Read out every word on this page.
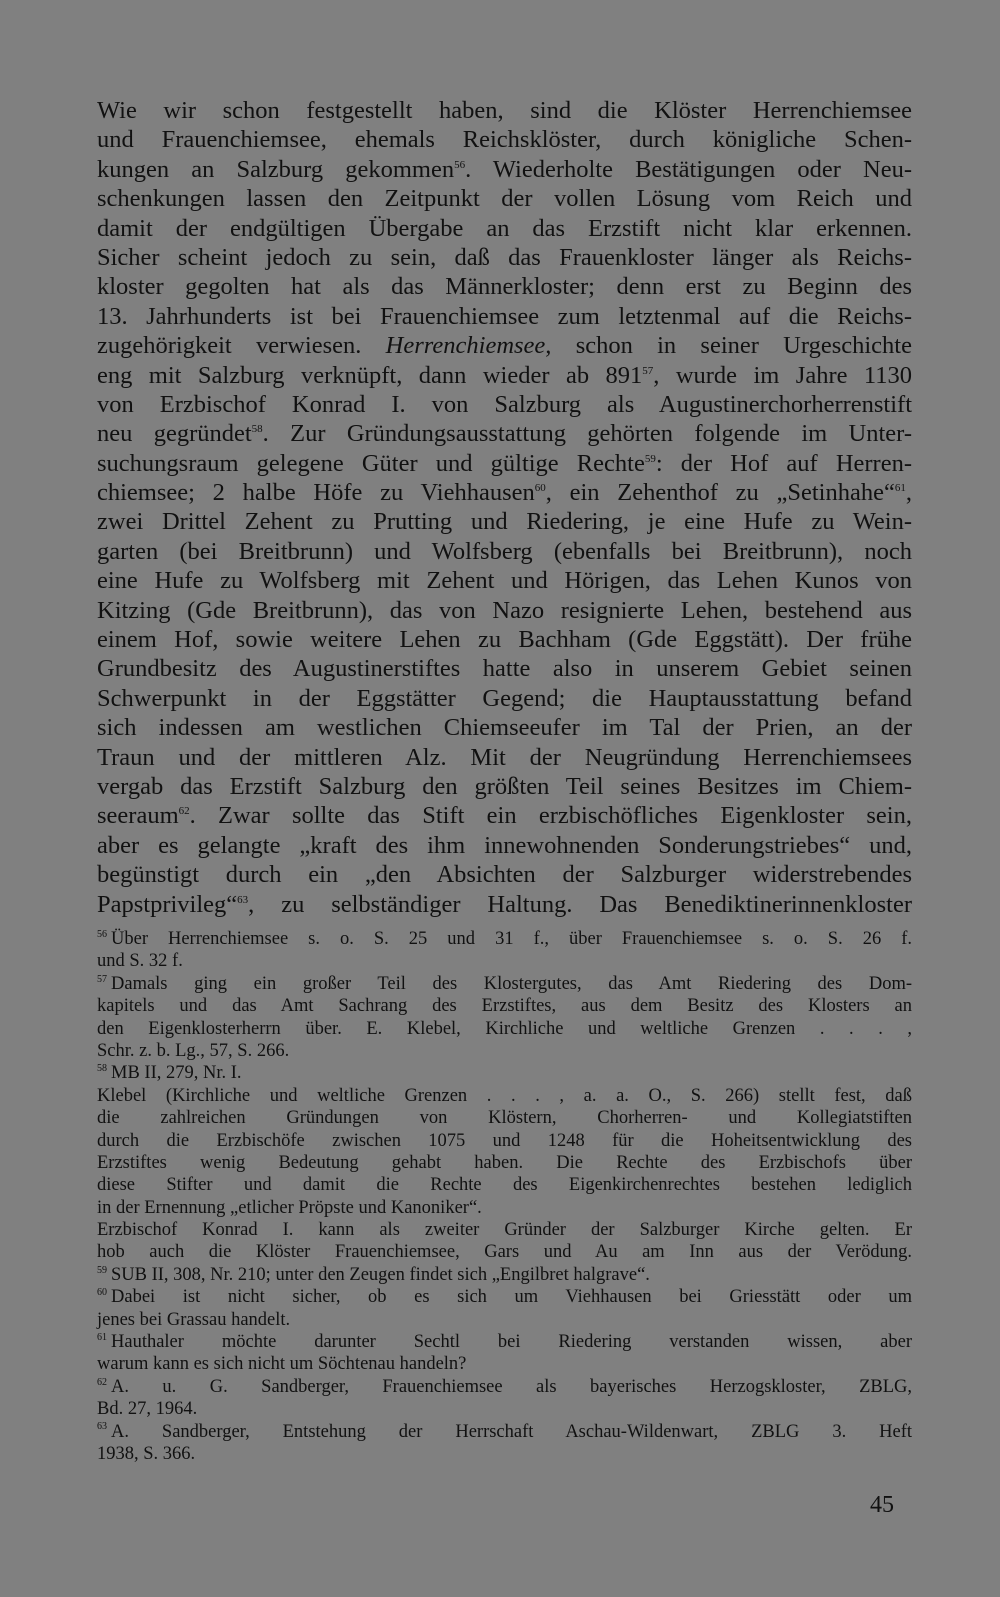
Wie wir schon festgestellt haben, sind die Klöster Herrenchiemsee
und Frauenchiemsee, ehemals Reichsklöster, durch königliche Schen-
kungen an Salzburg gekommen$^{56}$. Wiederholte Bestätigungen oder Neu-
schenkungen lassen den Zeitpunkt der vollen Lösung vom Reich und
damit der endgültigen Übergabe an das Erzstift nicht klar erkennen.
Sicher scheint jedoch zu sein, daß das Frauenkloster länger als Reichs-
kloster gegolten hat als das Männerkloster; denn erst zu Beginn des
13. Jahrhunderts ist bei Frauenchiemsee zum letztenmal auf die Reichs-
zugehörigkeit verwiesen. Herrenchiemsee, schon in seiner Urgeschichte
eng mit Salzburg verknüpft, dann wieder ab 891$^{57}$, wurde im Jahre 1130
von Erzbischof Konrad I. von Salzburg als Augustinerchorherrenstift
neu gegründet$^{58}$. Zur Gründungsausstattung gehörten folgende im Unter-
suchungsraum gelegene Güter und gültige Rechte$^{59}$: der Hof auf Herren-
chiemsee; 2 halbe Höfe zu Viehhausen$^{60}$, ein Zehenthof zu „Setinhahe“$^{61}$,
zwei Drittel Zehent zu Prutting und Riedering, je eine Hufe zu Wein-
garten (bei Breitbrunn) und Wolfsberg (ebenfalls bei Breitbrunn), noch
eine Hufe zu Wolfsberg mit Zehent und Hörigen, das Lehen Kunos von
Kitzing (Gde Breitbrunn), das von Nazo resignierte Lehen, bestehend aus
einem Hof, sowie weitere Lehen zu Bachham (Gde Eggstätt). Der frühe
Grundbesitz des Augustinerstiftes hatte also in unserem Gebiet seinen
Schwerpunkt in der Eggstätter Gegend; die Hauptausstattung befand
sich indessen am westlichen Chiemseeufer im Tal der Prien, an der
Traun und der mittleren Alz. Mit der Neugründung Herrenchiemsees
vergab das Erzstift Salzburg den größten Teil seines Besitzes im Chiem-
seeraum$^{62}$. Zwar sollte das Stift ein erzbischöfliches Eigenkloster sein,
aber es gelangte „kraft des ihm innewohnenden Sonderungstriebes“ und,
begünstigt durch ein „den Absichten der Salzburger widerstrebendes
Papstprivileg“$^{63}$, zu selbständiger Haltung. Das Benediktinerinnenkloster
$^{56}$ Über Herrenchiemsee s. o. S. 25 und 31 f., über Frauenchiemsee s. o. S. 26 f.
und S. 32 f.
$^{57}$ Damals ging ein großer Teil des Klostergutes, das Amt Riedering des Dom-
kapitels und das Amt Sachrang des Erzstiftes, aus dem Besitz des Klosters an
den Eigenklosterherrn über. E. Klebel, Kirchliche und weltliche Grenzen . . . ,
Schr. z. b. Lg., 57, S. 266.
$^{58}$ MB II, 279, Nr. I.
Klebel (Kirchliche und weltliche Grenzen . . . , a. a. O., S. 266) stellt fest, daß
die zahlreichen Gründungen von Klöstern, Chorherren- und Kollegiatstiften
durch die Erzbischöfe zwischen 1075 und 1248 für die Hoheitsentwicklung des
Erzstiftes wenig Bedeutung gehabt haben. Die Rechte des Erzbischofs über
diese Stifter und damit die Rechte des Eigenkirchenrechtes bestehen lediglich
in der Ernennung „etlicher Pröpste und Kanoniker“.
Erzbischof Konrad I. kann als zweiter Gründer der Salzburger Kirche gelten. Er
hob auch die Klöster Frauenchiemsee, Gars und Au am Inn aus der Verödung.
$^{59}$ SUB II, 308, Nr. 210; unter den Zeugen findet sich „Engilbret halgrave“.
$^{60}$ Dabei ist nicht sicher, ob es sich um Viehhausen bei Griesstätt oder um
jenes bei Grassau handelt.
$^{61}$ Hauthaler möchte darunter Sechtl bei Riedering verstanden wissen, aber
warum kann es sich nicht um Söchtenau handeln?
$^{62}$ A. u. G. Sandberger, Frauenchiemsee als bayerisches Herzogskloster, ZBLG,
Bd. 27, 1964.
$^{63}$ A. Sandberger, Entstehung der Herrschaft Aschau-Wildenwart, ZBLG 3. Heft
1938, S. 366.
45
